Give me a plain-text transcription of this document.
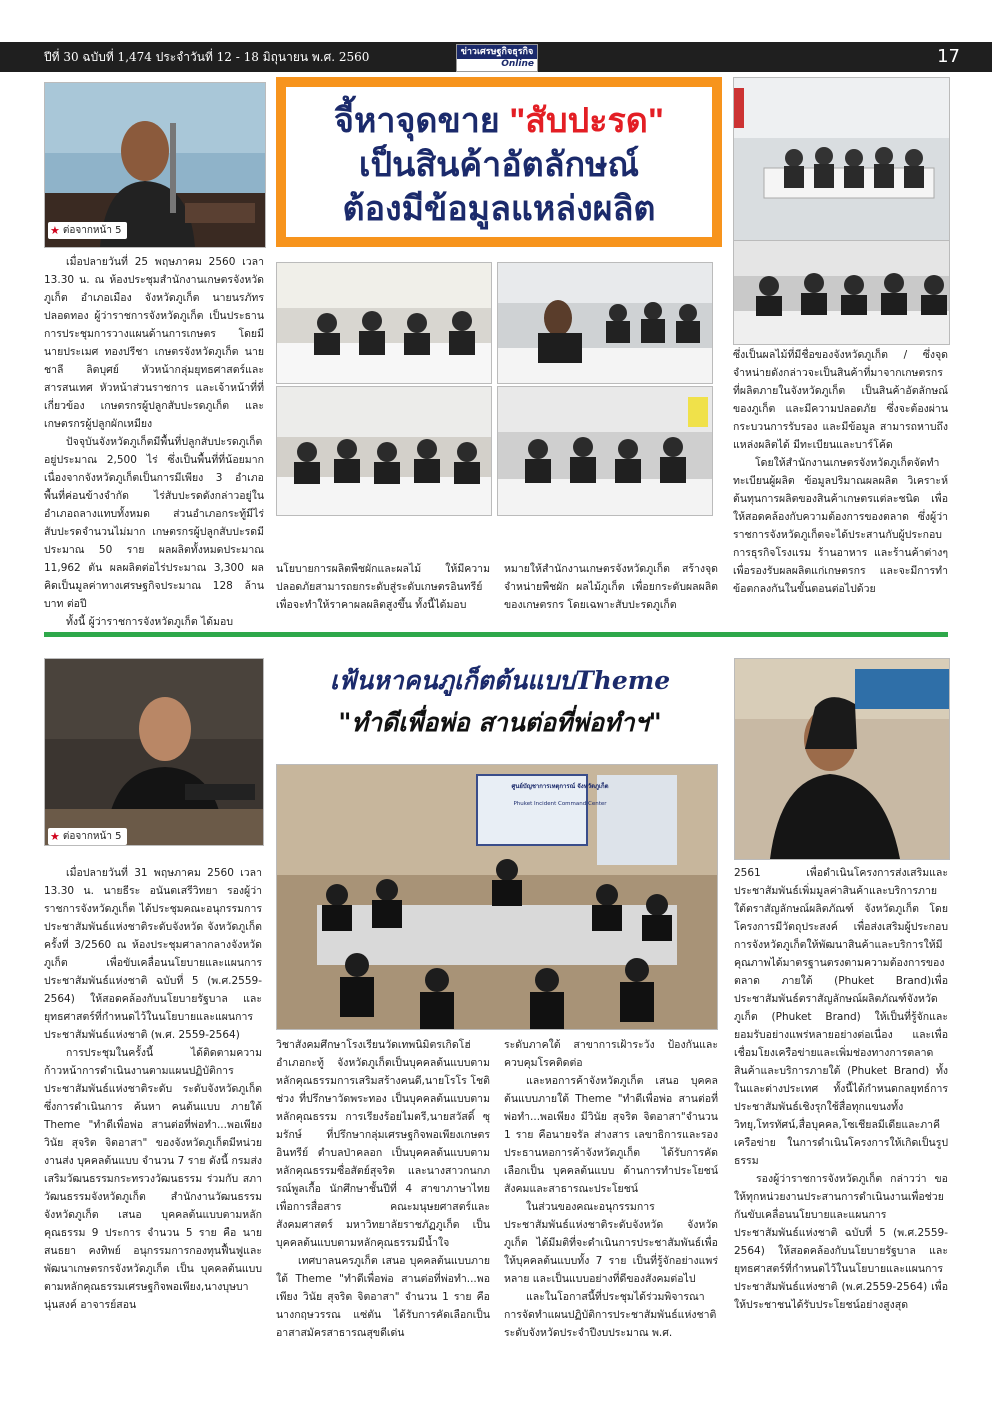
ปีที่ 30 ฉบับที่ 1,474 ประจำวันที่ 12 - 18 มิถุนายน พ.ศ. 2560	ข่าวเศรษฐกิจธุรกิจ
Online	17
★ ต่อจากหน้า 5
จี้หาจุดขาย "สับปะรด"
เป็นสินค้าอัตลักษณ์
ต้องมีข้อมูลแหล่งผลิต

เมื่อปลายวันที่ 25 พฤษภาคม 2560 เวลา 13.30 น. ณ ห้องประชุมสำนักงานเกษตรจังหวัดภูเก็ต อำเภอเมือง จังหวัดภูเก็ต นายนรภัทร ปลอดทอง ผู้ว่าราชการจังหวัดภูเก็ต เป็นประธานการประชุมการวางแผนด้านการเกษตร โดยมี นายประเมศ ทองปรีชา เกษตรจังหวัดภูเก็ต นายชาลี ลิตบุศย์ หัวหน้ากลุ่มยุทธศาสตร์และสารสนเทศ หัวหน้าส่วนราชการ และเจ้าหน้าที่ที่เกี่ยวข้อง เกษตรกรผู้ปลูกสับปะรดภูเก็ต และเกษตรกรผู้ปลูกผักเหมียง

ปัจจุบันจังหวัดภูเก็ตมีพื้นที่ปลูกสับปะรดภูเก็ตอยู่ประมาณ 2,500 ไร่ ซึ่งเป็นพื้นที่ที่น้อยมากเนื่องจากจังหวัดภูเก็ตเป็นการมีเพียง 3 อำเภอ พื้นที่ค่อนข้างจำกัด ไร่สับปะรดดังกล่าวอยู่ในอำเภอถลางแทบทั้งหมด ส่วนอำเภอกระทู้มีไร่สับปะรดจำนวนไม่มาก เกษตรกรผู้ปลูกสับปะรดมีประมาณ 50 ราย ผลผลิตทั้งหมดประมาณ 11,962 ตัน ผลผลิตต่อไร่ประมาณ 3,300 ผล คิดเป็นมูลค่าทางเศรษฐกิจประมาณ 128 ล้านบาท ต่อปี

ทั้งนี้ ผู้ว่าราชการจังหวัดภูเก็ต ได้มอบ

นโยบายการผลิตพืชผักและผลไม้ ให้มีความปลอดภัยสามารถยกระดับสู่ระดับเกษตรอินทรีย์ เพื่อจะทำให้ราคาผลผลิตสูงขึ้น ทั้งนี้ได้มอบ

หมายให้สำนักงานเกษตรจังหวัดภูเก็ต สร้างจุดจำหน่ายพืชผัก ผลไม้ภูเก็ต เพื่อยกระดับผลผลิตของเกษตรกร โดยเฉพาะสับปะรดภูเก็ต

ซึ่งเป็นผลไม้ที่มีชื่อของจังหวัดภูเก็ต / ซึ่งจุดจำหน่ายดังกล่าวจะเป็นสินค้าที่มาจากเกษตรกรที่ผลิตภายในจังหวัดภูเก็ต เป็นสินค้าอัตลักษณ์ของภูเก็ต และมีความปลอดภัย ซึ่งจะต้องผ่านกระบวนการรับรอง และมีข้อมูล สามารถหาบถึงแหล่งผลิตได้ มีทะเบียนและบาร์โค้ด

โดยให้สำนักงานเกษตรจังหวัดภูเก็ตจัดทำทะเบียนผู้ผลิต ข้อมูลปริมาณผลผลิต วิเคราะห์ต้นทุนการผลิตของสินค้าเกษตรแต่ละชนิด เพื่อให้สอดคล้องกับความต้องการของตลาด ซึ่งผู้ว่าราชการจังหวัดภูเก็ตจะได้ประสานกับผู้ประกอบการธุรกิจโรงแรม ร้านอาหาร และร้านค้าต่างๆ เพื่อรองรับผลผลิตแก่เกษตรกร และจะมีการทำข้อตกลงกันในขั้นตอนต่อไปด้วย

★ ต่อจากหน้า 5
เฟ้นหาคนภูเก็ตต้นแบบTheme
"ทำดีเพื่อพ่อ สานต่อที่พ่อทำฯ"
ศูนย์บัญชาการเหตุการณ์ จังหวัดภูเก็ต
Phuket Incident Command Center

เมื่อปลายวันที่ 31 พฤษภาคม 2560 เวลา 13.30 น. นายธีระ อนันตเสรีวิทยา รองผู้ว่าราชการจังหวัดภูเก็ต ได้ประชุมคณะอนุกรรมการประชาสัมพันธ์แห่งชาติระดับจังหวัด จังหวัดภูเก็ต ครั้งที่ 3/2560 ณ ห้องประชุมศาลากลางจังหวัดภูเก็ต เพื่อขับเคลื่อนนโยบายและแผนการประชาสัมพันธ์แห่งชาติ ฉบับที่ 5 (พ.ศ.2559-2564) ให้สอดคล้องกับนโยบายรัฐบาล และยุทธศาสตร์ที่กำหนดไว้ในนโยบายและแผนการประชาสัมพันธ์แห่งชาติ (พ.ศ. 2559-2564)

การประชุมในครั้งนี้ ได้ติดตามความก้าวหน้าการดำเนินงานตามแผนปฏิบัติการประชาสัมพันธ์แห่งชาติระดับ ระดับจังหวัดภูเก็ต ซึ่งการดำเนินการ ค้นหา คนต้นแบบ ภายใต้ Theme "ทำดีเพื่อพ่อ สานต่อที่พ่อทำ...พอเพียง วินัย สุจริต จิตอาสา" ของจังหวัดภูเก็ตมีหน่วยงานส่ง บุคคลต้นแบบ จำนวน 7 ราย ดังนี้ กรมส่งเสริมวัฒนธรรมกระทรวงวัฒนธรรม ร่วมกับ สภาวัฒนธรรมจังหวัดภูเก็ต สำนักงานวัฒนธรรมจังหวัดภูเก็ต เสนอ บุคคลต้นแบบตามหลักคุณธรรม 9 ประการ จำนวน 5 ราย คือ นายสนธยา คงทิพย์ อนุกรรมการกองทุนฟื้นฟูและพัฒนาเกษตรกรจังหวัดภูเก็ต เป็น บุคคลต้นแบบตามหลักคุณธรรมเศรษฐกิจพอเพียง,นางบุษบา นุ่นสงค์ อาจารย์สอน

วิชาสังคมศึกษาโรงเรียนวัดเทพนิมิตรเกิดโฮ่ อำเภอกะทู้ จังหวัดภูเก็ตเป็นบุคคลต้นแบบตามหลักคุณธรรมการเสริมสร้างคนดี,นายโรโร โชติช่วง ที่ปรึกษาวัดพระทอง เป็นบุคคลต้นแบบตามหลักคุณธรรม การเรียงร้อยไมตรี,นายสวัสดิ์ ซุมรักษ์ ที่ปรึกษากลุ่มเศรษฐกิจพอเพียงเกษตรอินทรีย์ ตำบลป่าคลอก เป็นบุคคลต้นแบบตามหลักคุณธรรมซื่อสัตย์สุจริต และนางสาวกนกภรณ์พูลเกื้อ นักศึกษาชั้นปีที่ 4 สาขาภาษาไทยเพื่อการสื่อสาร คณะมนุษยศาสตร์และสังคมศาสตร์ มหาวิทยาลัยราชภัฏภูเก็ต เป็นบุคคลต้นแบบตามหลักคุณธรรมมีน้ำใจ

เทศบาลนครภูเก็ต เสนอ บุคคลต้นแบบภายใต้ Theme "ทำดีเพื่อพ่อ สานต่อที่พ่อทำ...พอเพียง วินัย สุจริต จิตอาสา" จำนวน 1 ราย คือ นางกฤษวรรณ แซ่ตัน ได้รับการคัดเลือกเป็น อาสาสมัครสาธารณสุขดีเด่น

ระดับภาคใต้ สาขาการเฝ้าระวัง ป้องกันและควบคุมโรคติดต่อ

และหอการค้าจังหวัดภูเก็ต เสนอ บุคคลต้นแบบภายใต้ Theme "ทำดีเพื่อพ่อ สานต่อที่พ่อทำ...พอเพียง มีวินัย สุจริต จิตอาสา"จำนวน 1 ราย คือนายจรัล ส่างสาร เลขาธิการและรองประธานหอการค้าจังหวัดภูเก็ต ได้รับการคัดเลือกเป็น บุคคลต้นแบบ ด้านการทำประโยชน์สังคมและสาธารณะประโยชน์

ในส่วนของคณะอนุกรรมการประชาสัมพันธ์แห่งชาติระดับจังหวัด จังหวัดภูเก็ต ได้มีมติที่จะดำเนินการประชาสัมพันธ์เพื่อให้บุคคลต้นแบบทั้ง 7 ราย เป็นที่รู้จักอย่างแพร่หลาย และเป็นแบบอย่างที่ดีของสังคมต่อไป

และในโอกาสนี้ที่ประชุมได้ร่วมพิจารณาการจัดทำแผนปฏิบัติการประชาสัมพันธ์แห่งชาติระดับจังหวัดประจำปีงบประมาณ พ.ศ.

2561 เพื่อดำเนินโครงการส่งเสริมและประชาสัมพันธ์เพิ่มมูลค่าสินค้าและบริการภายใต้ตราสัญลักษณ์ผลิตภัณฑ์ จังหวัดภูเก็ต โดยโครงการมีวัตถุประสงค์ เพื่อส่งเสริมผู้ประกอบการจังหวัดภูเก็ตให้พัฒนาสินค้าและบริการให้มีคุณภาพได้มาตรฐานตรงตามความต้องการของตลาด ภายใต้ (Phuket Brand)เพื่อประชาสัมพันธ์ตราสัญลักษณ์ผลิตภัณฑ์จังหวัดภูเก็ต (Phuket Brand) ให้เป็นที่รู้จักและยอมรับอย่างแพร่หลายอย่างต่อเนื่อง และเพื่อเชื่อมโยงเครือข่ายและเพิ่มช่องทางการตลาดสินค้าและบริการภายใต้ (Phuket Brand) ทั้งในและต่างประเทศ ทั้งนี้ได้กำหนดกลยุทธ์การประชาสัมพันธ์เชิงรุกใช้สื่อทุกแขนงทั้งวิทยุ,โทรทัศน์,สื่อบุคคล,โซเชียลมีเดียและภาคีเครือข่าย ในการดำเนินโครงการให้เกิดเป็นรูปธรรม

รองผู้ว่าราชการจังหวัดภูเก็ต กล่าวว่า ขอให้ทุกหน่วยงานประสานการดำเนินงานเพื่อช่วยกันขับเคลื่อนนโยบายและแผนการประชาสัมพันธ์แห่งชาติ ฉบับที่ 5 (พ.ศ.2559-2564) ให้สอดคล้องกับนโยบายรัฐบาล และยุทธศาสตร์ที่กำหนดไว้ในนโยบายและแผนการประชาสัมพันธ์แห่งชาติ (พ.ศ.2559-2564) เพื่อให้ประชาชนได้รับประโยชน์อย่างสูงสุด
